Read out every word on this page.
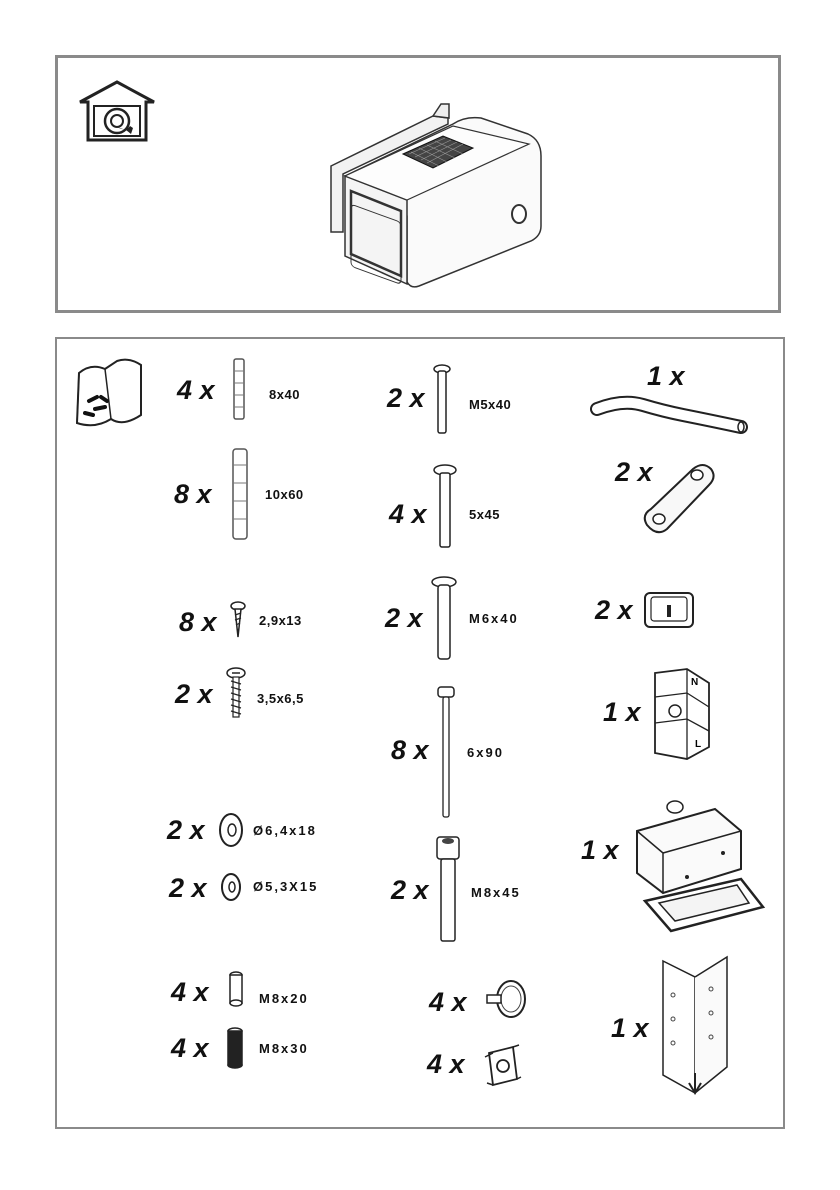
4 x	8x40
8 x	10x60
8 x	2,9x13
2 x	3,5x6,5
2 x	Ø6,4x18
2 x	Ø5,3X15
4 x	M8x20
4 x	M8x30
2 x	M5x40
4 x	5x45
2 x	M6x40
8 x	6x90
2 x	M8x45
4 x
4 x
1 x
2 x
2 x
1 x
N
L
1 x
1 x
